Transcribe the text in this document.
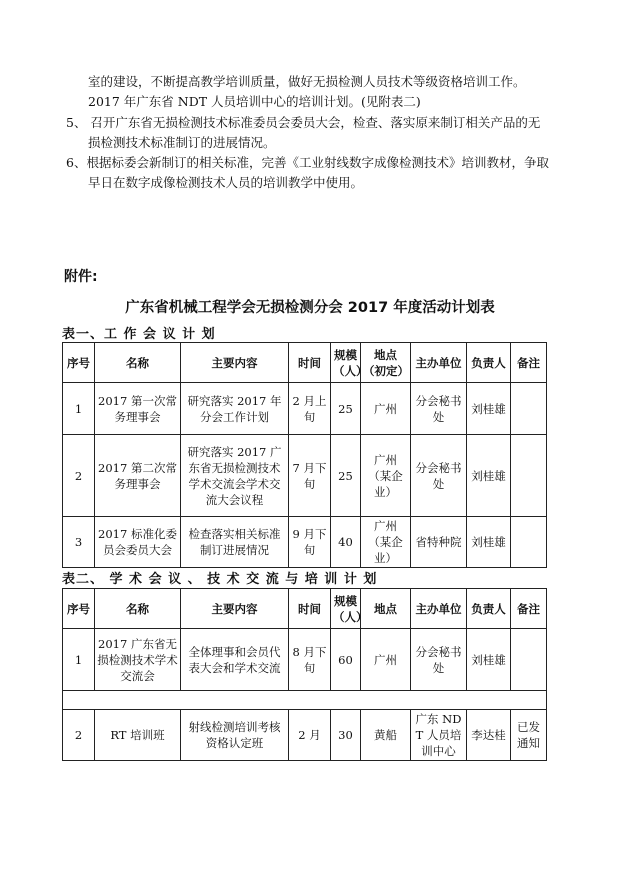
室的建设，不断提高教学培训质量，做好无损检测人员技术等级资格培训工作。
2017 年广东省 NDT 人员培训中心的培训计划。(见附表二)
5、 召开广东省无损检测技术标准委员会委员大会，检查、落实原来制订相关产品的无
损检测技术标准制订的进展情况。
6、根据标委会新制订的相关标准，完善《工业射线数字成像检测技术》培训教材，争取
早日在数字成像检测技术人员的培训教学中使用。
附件:
广东省机械工程学会无损检测分会 2017 年度活动计划表
表一、工 作 会 议 计 划
序号	名称	主要内容	时间	规模（人）	地点（初定）	主办单位	负责人	备注
1	2017 第一次常务理事会	研究落实 2017 年分会工作计划	2 月上旬	25	广州	分会秘书处	刘桂雄	
2	2017 第二次常务理事会	研究落实 2017 广东省无损检测技术学术交流会学术交流大会议程	7 月下旬	25	广州（某企业）	分会秘书处	刘桂雄	
3	2017 标准化委员会委员大会	检查落实相关标准制订进展情况	9 月下旬	40	广州（某企业）	省特种院	刘桂雄	
表二、 学 术 会 议 、 技 术 交 流 与 培 训 计 划
序号	名称	主要内容	时间	规模（人）	地点	主办单位	负责人	备注
1	2017 广东省无损检测技术学术交流会	全体理事和会员代表大会和学术交流	8 月下旬	60	广州	分会秘书处	刘桂雄	

2	RT 培训班	射线检测培训考核资格认定班	2 月	30	黄船	广东 NDT 人员培训中心	李达桂	已发通知
